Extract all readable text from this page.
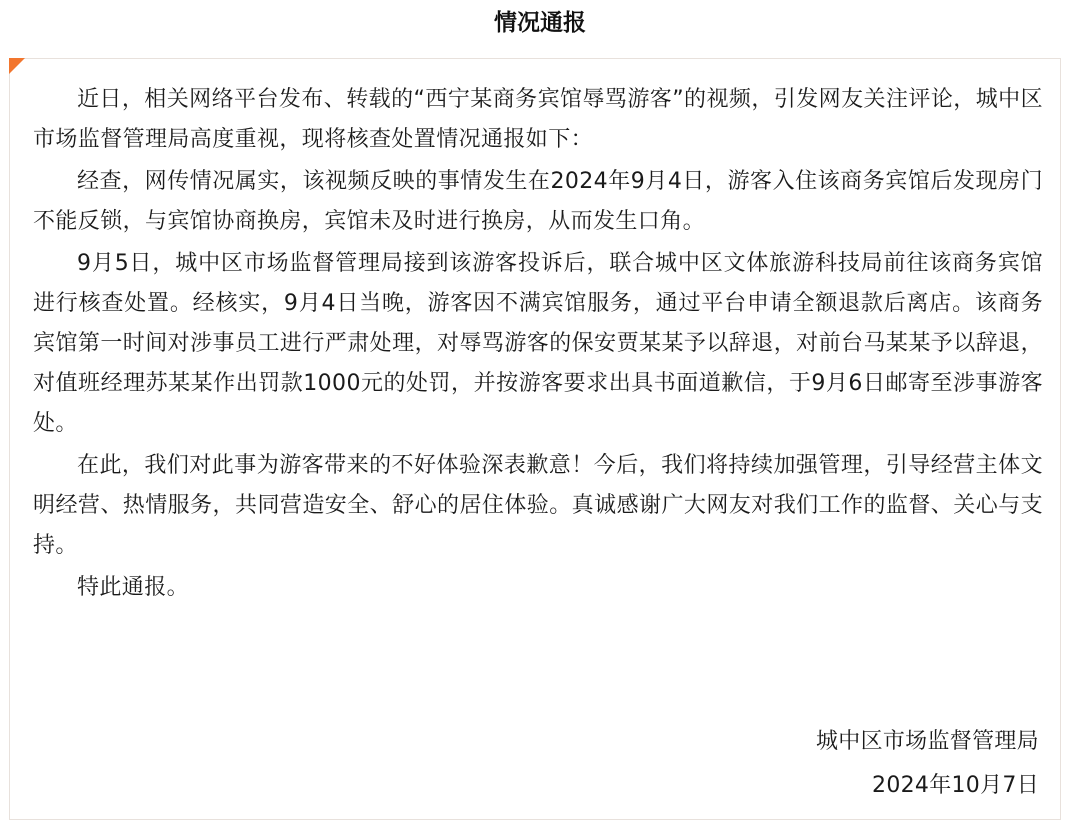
情况通报

近日，相关网络平台发布、转载的“西宁某商务宾馆辱骂游客”的视频，引发网友关注评论，城中区市场监督管理局高度重视，现将核查处置情况通报如下：

经查，网传情况属实，该视频反映的事情发生在2024年9月4日，游客入住该商务宾馆后发现房门不能反锁，与宾馆协商换房，宾馆未及时进行换房，从而发生口角。

9月5日，城中区市场监督管理局接到该游客投诉后，联合城中区文体旅游科技局前往该商务宾馆进行核查处置。经核实，9月4日当晚，游客因不满宾馆服务，通过平台申请全额退款后离店。该商务宾馆第一时间对涉事员工进行严肃处理，对辱骂游客的保安贾某某予以辞退，对前台马某某予以辞退，对值班经理苏某某作出罚款1000元的处罚，并按游客要求出具书面道歉信，于9月6日邮寄至涉事游客处。

在此，我们对此事为游客带来的不好体验深表歉意！今后，我们将持续加强管理，引导经营主体文明经营、热情服务，共同营造安全、舒心的居住体验。真诚感谢广大网友对我们工作的监督、关心与支持。

特此通报。

城中区市场监督管理局
2024年10月7日
